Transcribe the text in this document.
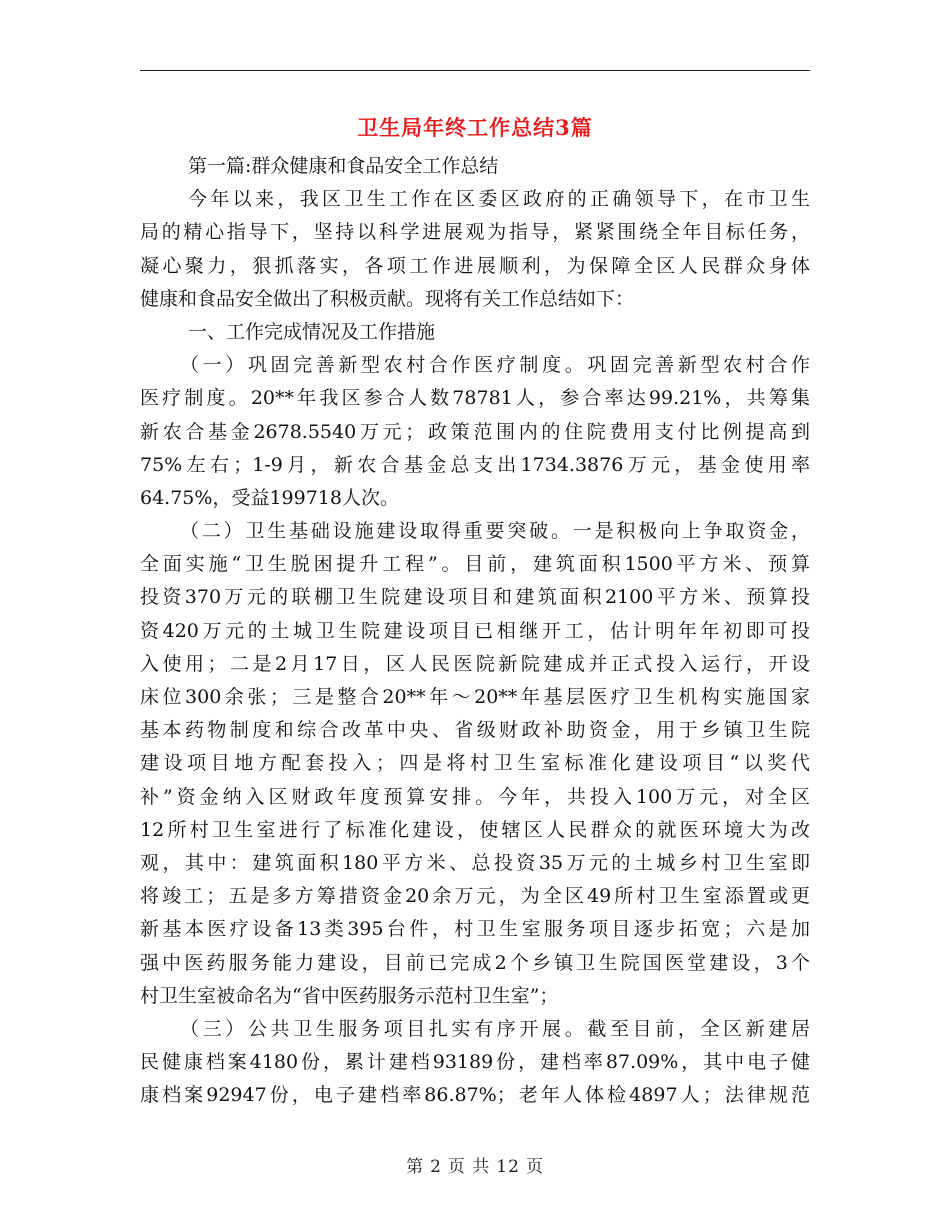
卫生局年终工作总结3篇
第一篇:群众健康和食品安全工作总结
今年以来，我区卫生工作在区委区政府的正确领导下，在市卫生
局的精心指导下，坚持以科学进展观为指导，紧紧围绕全年目标任务，
凝心聚力，狠抓落实，各项工作进展顺利，为保障全区人民群众身体
健康和食品安全做出了积极贡献。现将有关工作总结如下：
一、工作完成情况及工作措施
（一）巩固完善新型农村合作医疗制度。巩固完善新型农村合作
医疗制度。20**年我区参合人数78781人，参合率达99.21%，共筹集
新农合基金2678.5540万元；政策范围内的住院费用支付比例提高到
75%左右；1-9月，新农合基金总支出1734.3876万元，基金使用率
64.75%，受益199718人次。
（二）卫生基础设施建设取得重要突破。一是积极向上争取资金，
全面实施“卫生脱困提升工程”。目前，建筑面积1500平方米、预算
投资370万元的联棚卫生院建设项目和建筑面积2100平方米、预算投
资420万元的土城卫生院建设项目已相继开工，估计明年年初即可投
入使用；二是2月17日，区人民医院新院建成并正式投入运行，开设
床位300余张；三是整合20**年～20**年基层医疗卫生机构实施国家
基本药物制度和综合改革中央、省级财政补助资金，用于乡镇卫生院
建设项目地方配套投入；四是将村卫生室标准化建设项目“以奖代
补”资金纳入区财政年度预算安排。今年，共投入100万元，对全区
12所村卫生室进行了标准化建设，使辖区人民群众的就医环境大为改
观，其中：建筑面积180平方米、总投资35万元的土城乡村卫生室即
将竣工；五是多方筹措资金20余万元，为全区49所村卫生室添置或更
新基本医疗设备13类395台件，村卫生室服务项目逐步拓宽；六是加
强中医药服务能力建设，目前已完成2个乡镇卫生院国医堂建设，3个
村卫生室被命名为“省中医药服务示范村卫生室”；
（三）公共卫生服务项目扎实有序开展。截至目前，全区新建居
民健康档案4180份，累计建档93189份，建档率87.09%，其中电子健
康档案92947份，电子建档率86.87%；老年人体检4897人；法律规范
第 2 页 共 12 页
